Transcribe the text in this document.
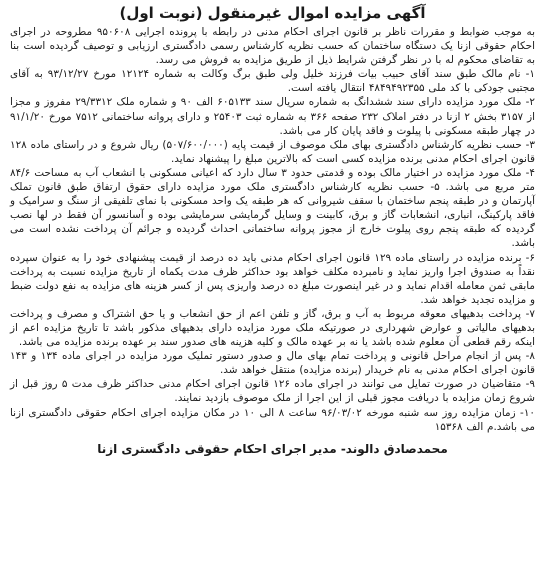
آگهی مزایده اموال غیرمنقول (نوبت اول)

به موجب ضوابط و مقررات ناظر بر قانون اجرای احکام مدنی در رابطه با پرونده اجرایی ۹۵۰۶۰۸ مطروحه در اجرای احکام حقوقی ازنا یک دستگاه ساختمان که حسب نظریه کارشناس رسمی دادگستری ارزیابی و توصیف گردیده است بنا به تقاضای محکوم له با در نظر گرفتن شرایط ذیل از طریق مزایده به فروش می رسد.

۱- نام مالک طبق سند آقای حبیب بیات فرزند خلیل ولی طبق برگ وکالت به شماره ۱۲۱۲۴ مورخ ۹۳/۱۲/۲۷ به آقای مجتبی جودکی با کد ملی ۴۸۴۹۴۹۲۳۵۵ انتقال یافته است.

۲- ملک مورد مزایده دارای سند ششدانگ به شماره سریال سند ۶۰۵۱۳۳ الف ۹۰ و شماره ملک ۲۹/۳۳۱۲ مفروز و مجزا از ۳۱۵۷ بخش ۲ ازنا در دفتر املاک ۲۳۲ صفحه ۳۶۶ به شماره ثبت ۲۵۴۰۳ و دارای پروانه ساختمانی ۷۵۱۲ مورخ ۹۱/۱/۲۰ در چهار طبقه مسکونی با پیلوت و فاقد پایان کار می باشد.

۳- حسب نظریه کارشناس دادگستری بهای ملک موصوف از قیمت پایه (۵۰۷/۶۰۰/۰۰۰) ریال شروع و در راستای ماده ۱۲۸ قانون اجرای احکام مدنی برنده مزایده کسی است که بالاترین مبلغ را پیشنهاد نماید.

۴- ملک مورد مزایده در اختیار مالک بوده و قدمتی حدود ۳ سال دارد که اعیانی مسکونی با انشعاب آب به مساحت ۸۴/۶ متر مربع می باشد. ۵- حسب نظریه کارشناس دادگستری ملک مورد مزایده دارای حقوق ارتفاق طبق قانون تملک آپارتمان و در طبقه پنجم ساختمان با سقف شیروانی که هر طبقه یک واحد مسکونی با نمای تلفیقی از سنگ و سرامیک و فاقد پارکینگ، انباری، انشعابات گاز و برق، کابینت و وسایل گرمایشی سرمایشی بوده و آسانسور آن فقط در لها نصب گردیده که طبقه پنجم روی پیلوت خارج از مجوز پروانه ساختمانی احداث گردیده و جرائم آن پرداخت نشده است می باشد.

۶- برنده مزایده در راستای ماده ۱۲۹ قانون اجرای احکام مدنی باید ده درصد از قیمت پیشنهادی خود را به عنوان سپرده نقداً به صندوق اجرا واریز نماید و نامبرده مکلف خواهد بود حداکثر ظرف مدت یکماه از تاریخ مزایده نسبت به پرداخت مابقی ثمن معامله اقدام نماید و در غیر اینصورت مبلغ ده درصد واریزی پس از کسر هزینه های مزایده به نفع دولت ضبط و مزایده تجدید خواهد شد.

۷- پرداخت بدهیهای معوقه مربوط به آب و برق، گاز و تلفن اعم از حق انشعاب و یا حق اشتراک و مصرف و پرداخت بدهیهای مالیاتی و عوارض شهرداری در صورتیکه ملک مورد مزایده دارای بدهیهای مذکور باشد تا تاریخ مزایده اعم از اینکه رقم قطعی آن معلوم شده باشد یا نه بر عهده مالک و کلیه هزینه های صدور سند بر عهده برنده مزایده می باشد.

۸- پس از انجام مراحل قانونی و پرداخت تمام بهای مال و صدور دستور تملیک مورد مزایده در اجرای ماده ۱۳۴ و ۱۴۳ قانون اجرای احکام مدنی به نام خریدار (برنده مزایده) منتقل خواهد شد.

۹- متقاضیان در صورت تمایل می توانند در اجرای ماده ۱۲۶ قانون اجرای احکام مدنی حداکثر ظرف مدت ۵ روز قبل از شروع زمان مزایده با دریافت مجوز قبلی از این اجرا از ملک موصوف بازدید نمایند.

۱۰- زمان مزایده روز سه شنبه مورخه ۹۶/۰۳/۰۲ ساعت ۸ الی ۱۰ در مکان مزایده اجرای احکام حقوقی دادگستری ازنا می باشد.م الف ۱۵۳۶۸

محمدصادق دالوند- مدیر اجرای احکام حقوقی دادگستری ازنا
